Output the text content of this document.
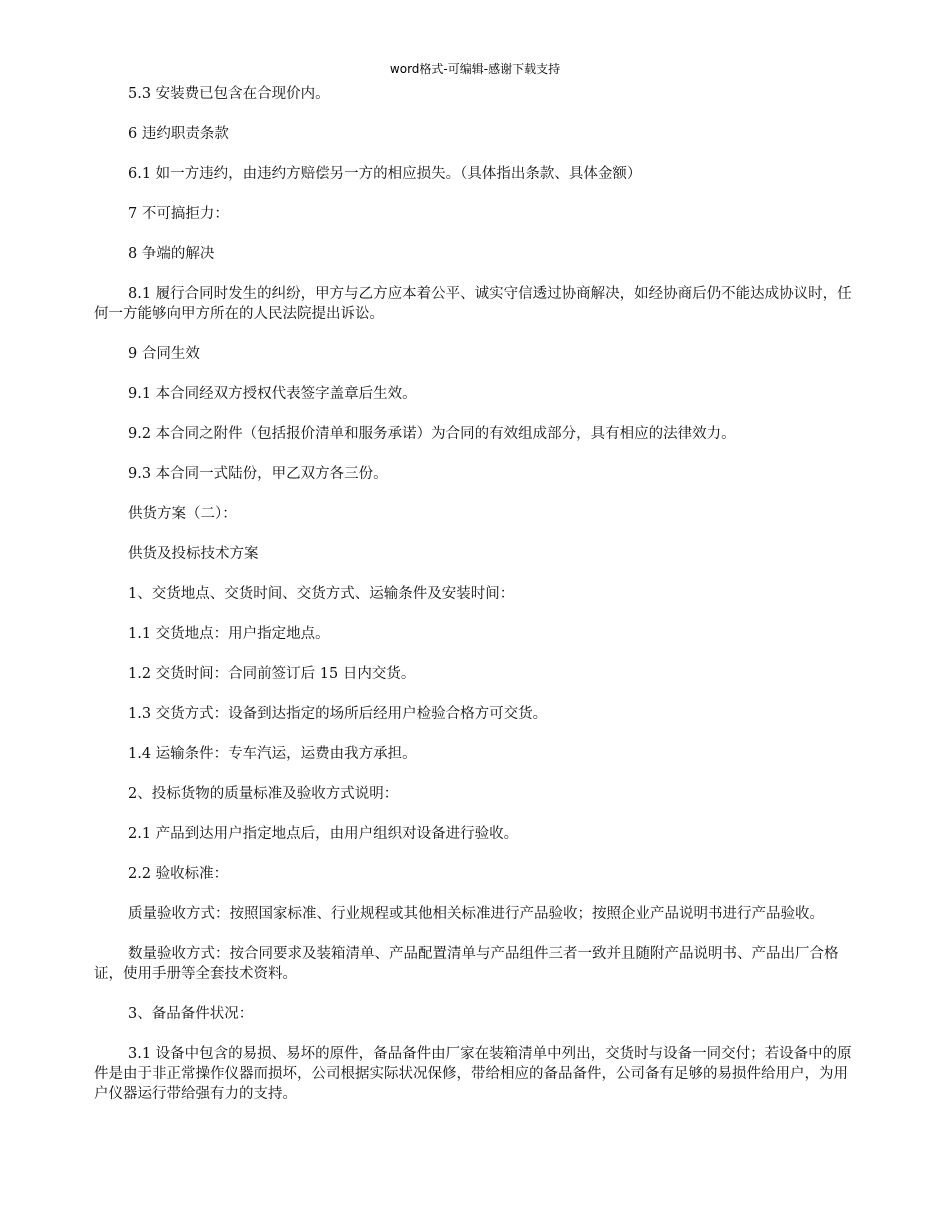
word格式-可编辑-感谢下载支持

5.3 安装费已包含在合现价内。

6 违约职责条款

6.1 如一方违约，由违约方赔偿另一方的相应损失。（具体指出条款、具体金额）

7 不可搞拒力：

8 争端的解决

8.1 履行合同时发生的纠纷，甲方与乙方应本着公平、诚实守信透过协商解决，如经协商后仍不能达成协议时，任何一方能够向甲方所在的人民法院提出诉讼。

9 合同生效

9.1 本合同经双方授权代表签字盖章后生效。

9.2 本合同之附件（包括报价清单和服务承诺）为合同的有效组成部分，具有相应的法律效力。

9.3 本合同一式陆份，甲乙双方各三份。

供货方案（二）：

供货及投标技术方案

1、交货地点、交货时间、交货方式、运输条件及安装时间：

1.1 交货地点：用户指定地点。

1.2 交货时间：合同前签订后 15 日内交货。

1.3 交货方式：设备到达指定的场所后经用户检验合格方可交货。

1.4 运输条件：专车汽运，运费由我方承担。

2、投标货物的质量标准及验收方式说明：

2.1 产品到达用户指定地点后，由用户组织对设备进行验收。

2.2 验收标准：

质量验收方式：按照国家标准、行业规程或其他相关标准进行产品验收；按照企业产品说明书进行产品验收。

数量验收方式：按合同要求及装箱清单、产品配置清单与产品组件三者一致并且随附产品说明书、产品出厂合格证，使用手册等全套技术资料。

3、备品备件状况：

3.1 设备中包含的易损、易坏的原件，备品备件由厂家在装箱清单中列出，交货时与设备一同交付；若设备中的原件是由于非正常操作仪器而损坏，公司根据实际状况保修，带给相应的备品备件，公司备有足够的易损件给用户，为用户仪器运行带给强有力的支持。
